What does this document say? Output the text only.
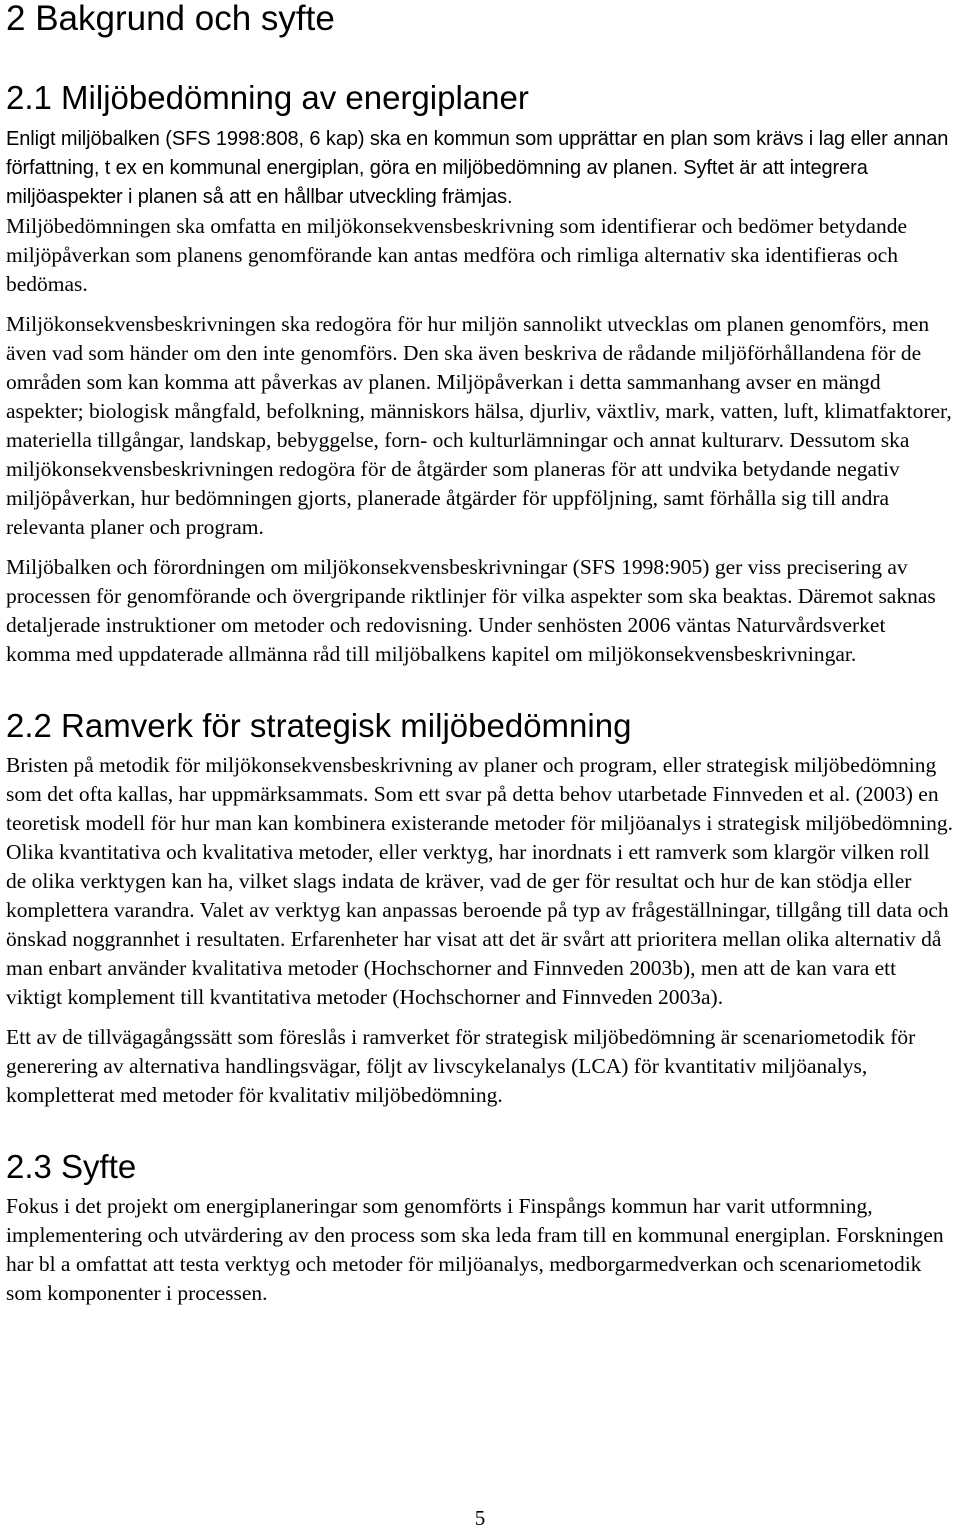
2 Bakgrund och syfte
2.1 Miljöbedömning av energiplaner

Enligt miljöbalken (SFS 1998:808, 6 kap) ska en kommun som upprättar en plan som krävs i lag eller annan författning, t ex en kommunal energiplan, göra en miljöbedömning av planen. Syftet är att integrera miljöaspekter i planen så att en hållbar utveckling främjas.

Miljöbedömningen ska omfatta en miljökonsekvensbeskrivning som identifierar och bedömer betydande miljöpåverkan som planens genomförande kan antas medföra och rimliga alternativ ska identifieras och bedömas.

Miljökonsekvensbeskrivningen ska redogöra för hur miljön sannolikt utvecklas om planen genomförs, men även vad som händer om den inte genomförs. Den ska även beskriva de rådande miljöförhållandena för de områden som kan komma att påverkas av planen. Miljöpåverkan i detta sammanhang avser en mängd aspekter; biologisk mångfald, befolkning, människors hälsa, djurliv, växtliv, mark, vatten, luft, klimatfaktorer, materiella tillgångar, landskap, bebyggelse, forn- och kulturlämningar och annat kulturarv. Dessutom ska miljökonsekvensbeskrivningen redogöra för de åtgärder som planeras för att undvika betydande negativ miljöpåverkan, hur bedömningen gjorts, planerade åtgärder för uppföljning, samt förhålla sig till andra relevanta planer och program.

Miljöbalken och förordningen om miljökonsekvensbeskrivningar (SFS 1998:905) ger viss precisering av processen för genomförande och övergripande riktlinjer för vilka aspekter som ska beaktas. Däremot saknas detaljerade instruktioner om metoder och redovisning. Under senhösten 2006 väntas Naturvårdsverket komma med uppdaterade allmänna råd till miljöbalkens kapitel om miljökonsekvensbeskrivningar.

2.2 Ramverk för strategisk miljöbedömning

Bristen på metodik för miljökonsekvensbeskrivning av planer och program, eller strategisk miljöbedömning som det ofta kallas, har uppmärksammats. Som ett svar på detta behov utarbetade Finnveden et al. (2003) en teoretisk modell för hur man kan kombinera existerande metoder för miljöanalys i strategisk miljöbedömning. Olika kvantitativa och kvalitativa metoder, eller verktyg, har inordnats i ett ramverk som klargör vilken roll de olika verktygen kan ha, vilket slags indata de kräver, vad de ger för resultat och hur de kan stödja eller komplettera varandra. Valet av verktyg kan anpassas beroende på typ av frågeställningar, tillgång till data och önskad noggrannhet i resultaten. Erfarenheter har visat att det är svårt att prioritera mellan olika alternativ då man enbart använder kvalitativa metoder (Hochschorner and Finnveden 2003b), men att de kan vara ett viktigt komplement till kvantitativa metoder (Hochschorner and Finnveden 2003a).

Ett av de tillvägagångssätt som föreslås i ramverket för strategisk miljöbedömning är scenariometodik för generering av alternativa handlingsvägar, följt av livscykelanalys (LCA) för kvantitativ miljöanalys, kompletterat med metoder för kvalitativ miljöbedömning.

2.3 Syfte

Fokus i det projekt om energiplaneringar som genomförts i Finspångs kommun har varit utformning, implementering och utvärdering av den process som ska leda fram till en kommunal energiplan. Forskningen har bl a omfattat att testa verktyg och metoder för miljöanalys, medborgarmedverkan och scenariometodik som komponenter i processen.

5
